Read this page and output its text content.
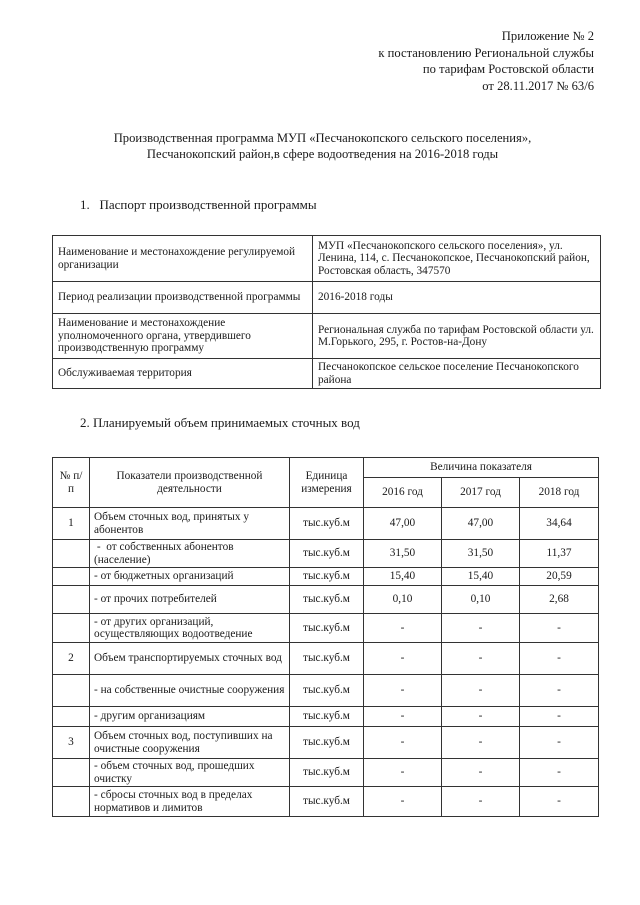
Приложение № 2
к постановлению Региональной службы
по тарифам Ростовской области
от 28.11.2017 № 63/6
Производственная программа МУП «Песчанокопского сельского поселения»,
Песчанокопский район,в сфере водоотведения на 2016-2018 годы
1.   Паспорт производственной программы
Наименование и местонахождение регулируемой организации	МУП «Песчанокопского сельского поселения», ул. Ленина, 114, с. Песчанокопское, Песчанокопский район, Ростовская область, 347570
Период реализации производственной программы	2016-2018 годы
Наименование и местонахождение уполномоченного органа, утвердившего производственную программу	Региональная служба по тарифам Ростовской области ул. М.Горького, 295, г. Ростов-на-Дону
Обслуживаемая территория	Песчанокопское сельское поселение Песчанокопского района
2. Планируемый объем принимаемых сточных вод
№ п/п	Показатели производственной деятельности	Единица измерения	Величина показателя		
			2016 год	2017 год	2018 год
1	Объем сточных вод, принятых у абонентов	тыс.куб.м	47,00	47,00	34,64
	-  от собственных абонентов (население)	тыс.куб.м	31,50	31,50	11,37
	- от бюджетных организаций	тыс.куб.м	15,40	15,40	20,59
	- от прочих потребителей	тыс.куб.м	0,10	0,10	2,68
	- от других организаций, осуществляющих водоотведение	тыс.куб.м	-	-	-
2	Объем транспортируемых сточных вод	тыс.куб.м	-	-	-
	- на собственные очистные сооружения	тыс.куб.м	-	-	-
	- другим организациям	тыс.куб.м	-	-	-
3	Объем сточных вод, поступивших на очистные сооружения	тыс.куб.м	-	-	-
	- объем сточных вод, прошедших очистку	тыс.куб.м	-	-	-
	- сбросы сточных вод в пределах нормативов и лимитов	тыс.куб.м	-	-	-
